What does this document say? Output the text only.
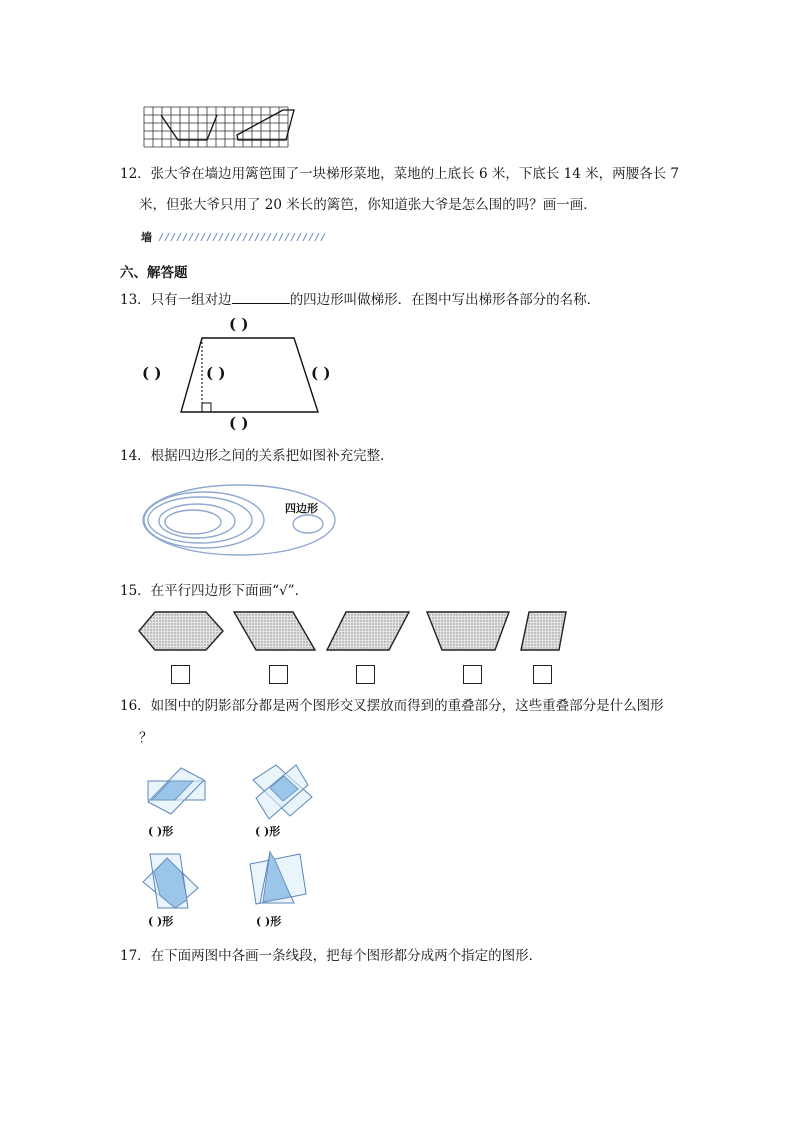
12．张大爷在墙边用篱笆围了一块梯形菜地，菜地的上底长 6 米，下底长 14 米，两腰各长 7
米，但张大爷只用了 20 米长的篱笆，你知道张大爷是怎么围的吗？画一画．
墙
六、解答题
13．只有一组对边	的四边形叫做梯形．在图中写出梯形各部分的名称．
( )
( )	( )	( )
( )
14．根据四边形之间的关系把如图补充完整．
四边形
15．在平行四边形下面画“√”．
16．如图中的阴影部分都是两个图形交叉摆放而得到的重叠部分，这些重叠部分是什么图形
？
( )形	( )形
( )形	( )形
17．在下面两图中各画一条线段，把每个图形都分成两个指定的图形．
